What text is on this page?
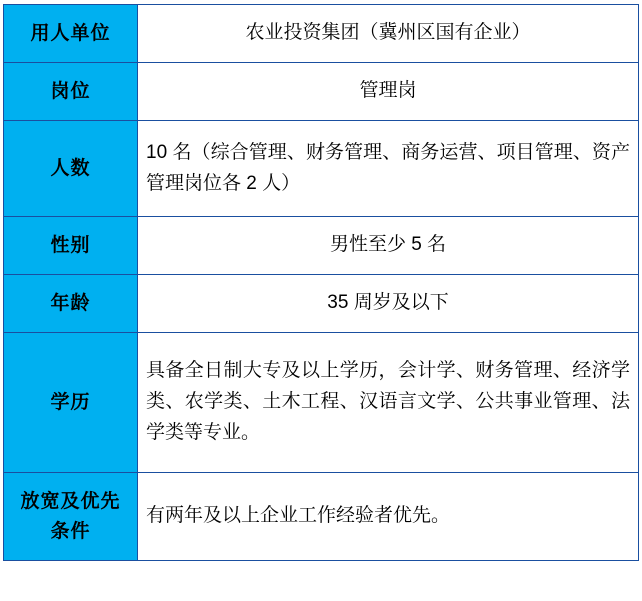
用人单位	农业投资集团（冀州区国有企业）

岗位	管理岗

人数	10 名（综合管理、财务管理、商务运营、项目管理、资产管理岗位各 2 人）

性别	男性至少 5 名

年龄	35 周岁及以下

学历	具备全日制大专及以上学历，会计学、财务管理、经济学类、农学类、土木工程、汉语言文学、公共事业管理、法学类等专业。

放宽及优先条件	有两年及以上企业工作经验者优先。
